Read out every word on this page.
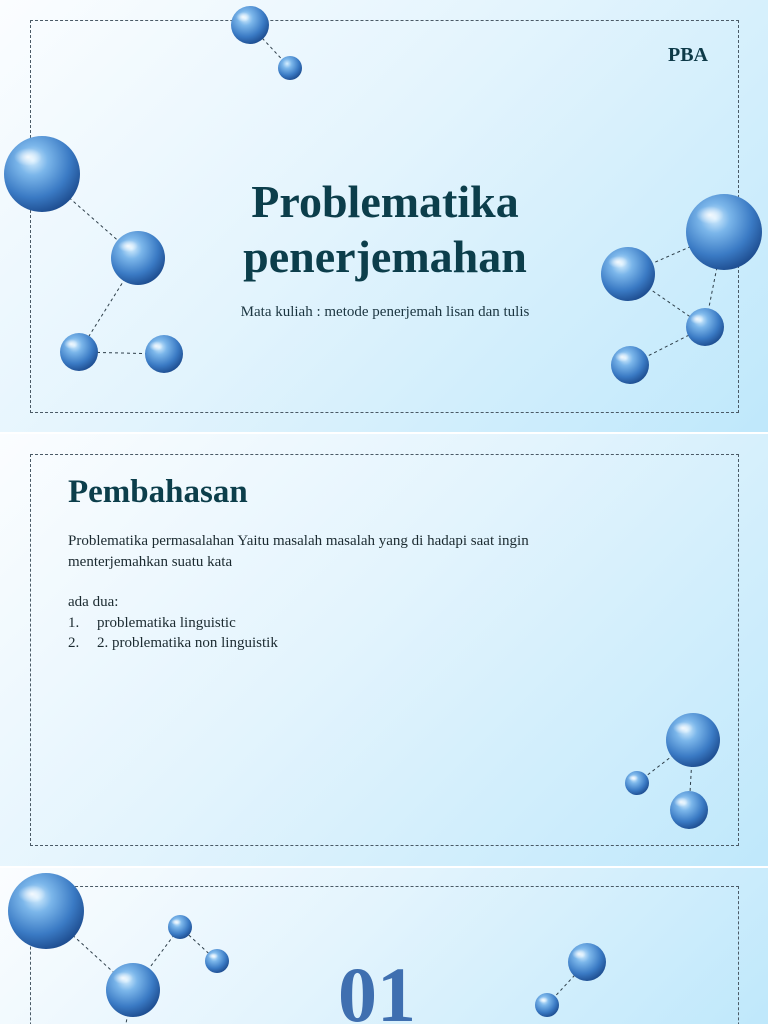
PBA
Problematika
penerjemahan
Mata kuliah : metode penerjemah lisan dan tulis
Pembahasan

Problematika permasalahan Yaitu masalah masalah yang di hadapi saat ingin

menterjemahkan suatu kata

ada dua:

1.	problematika linguistic
2.	2. problematika non linguistik
01
